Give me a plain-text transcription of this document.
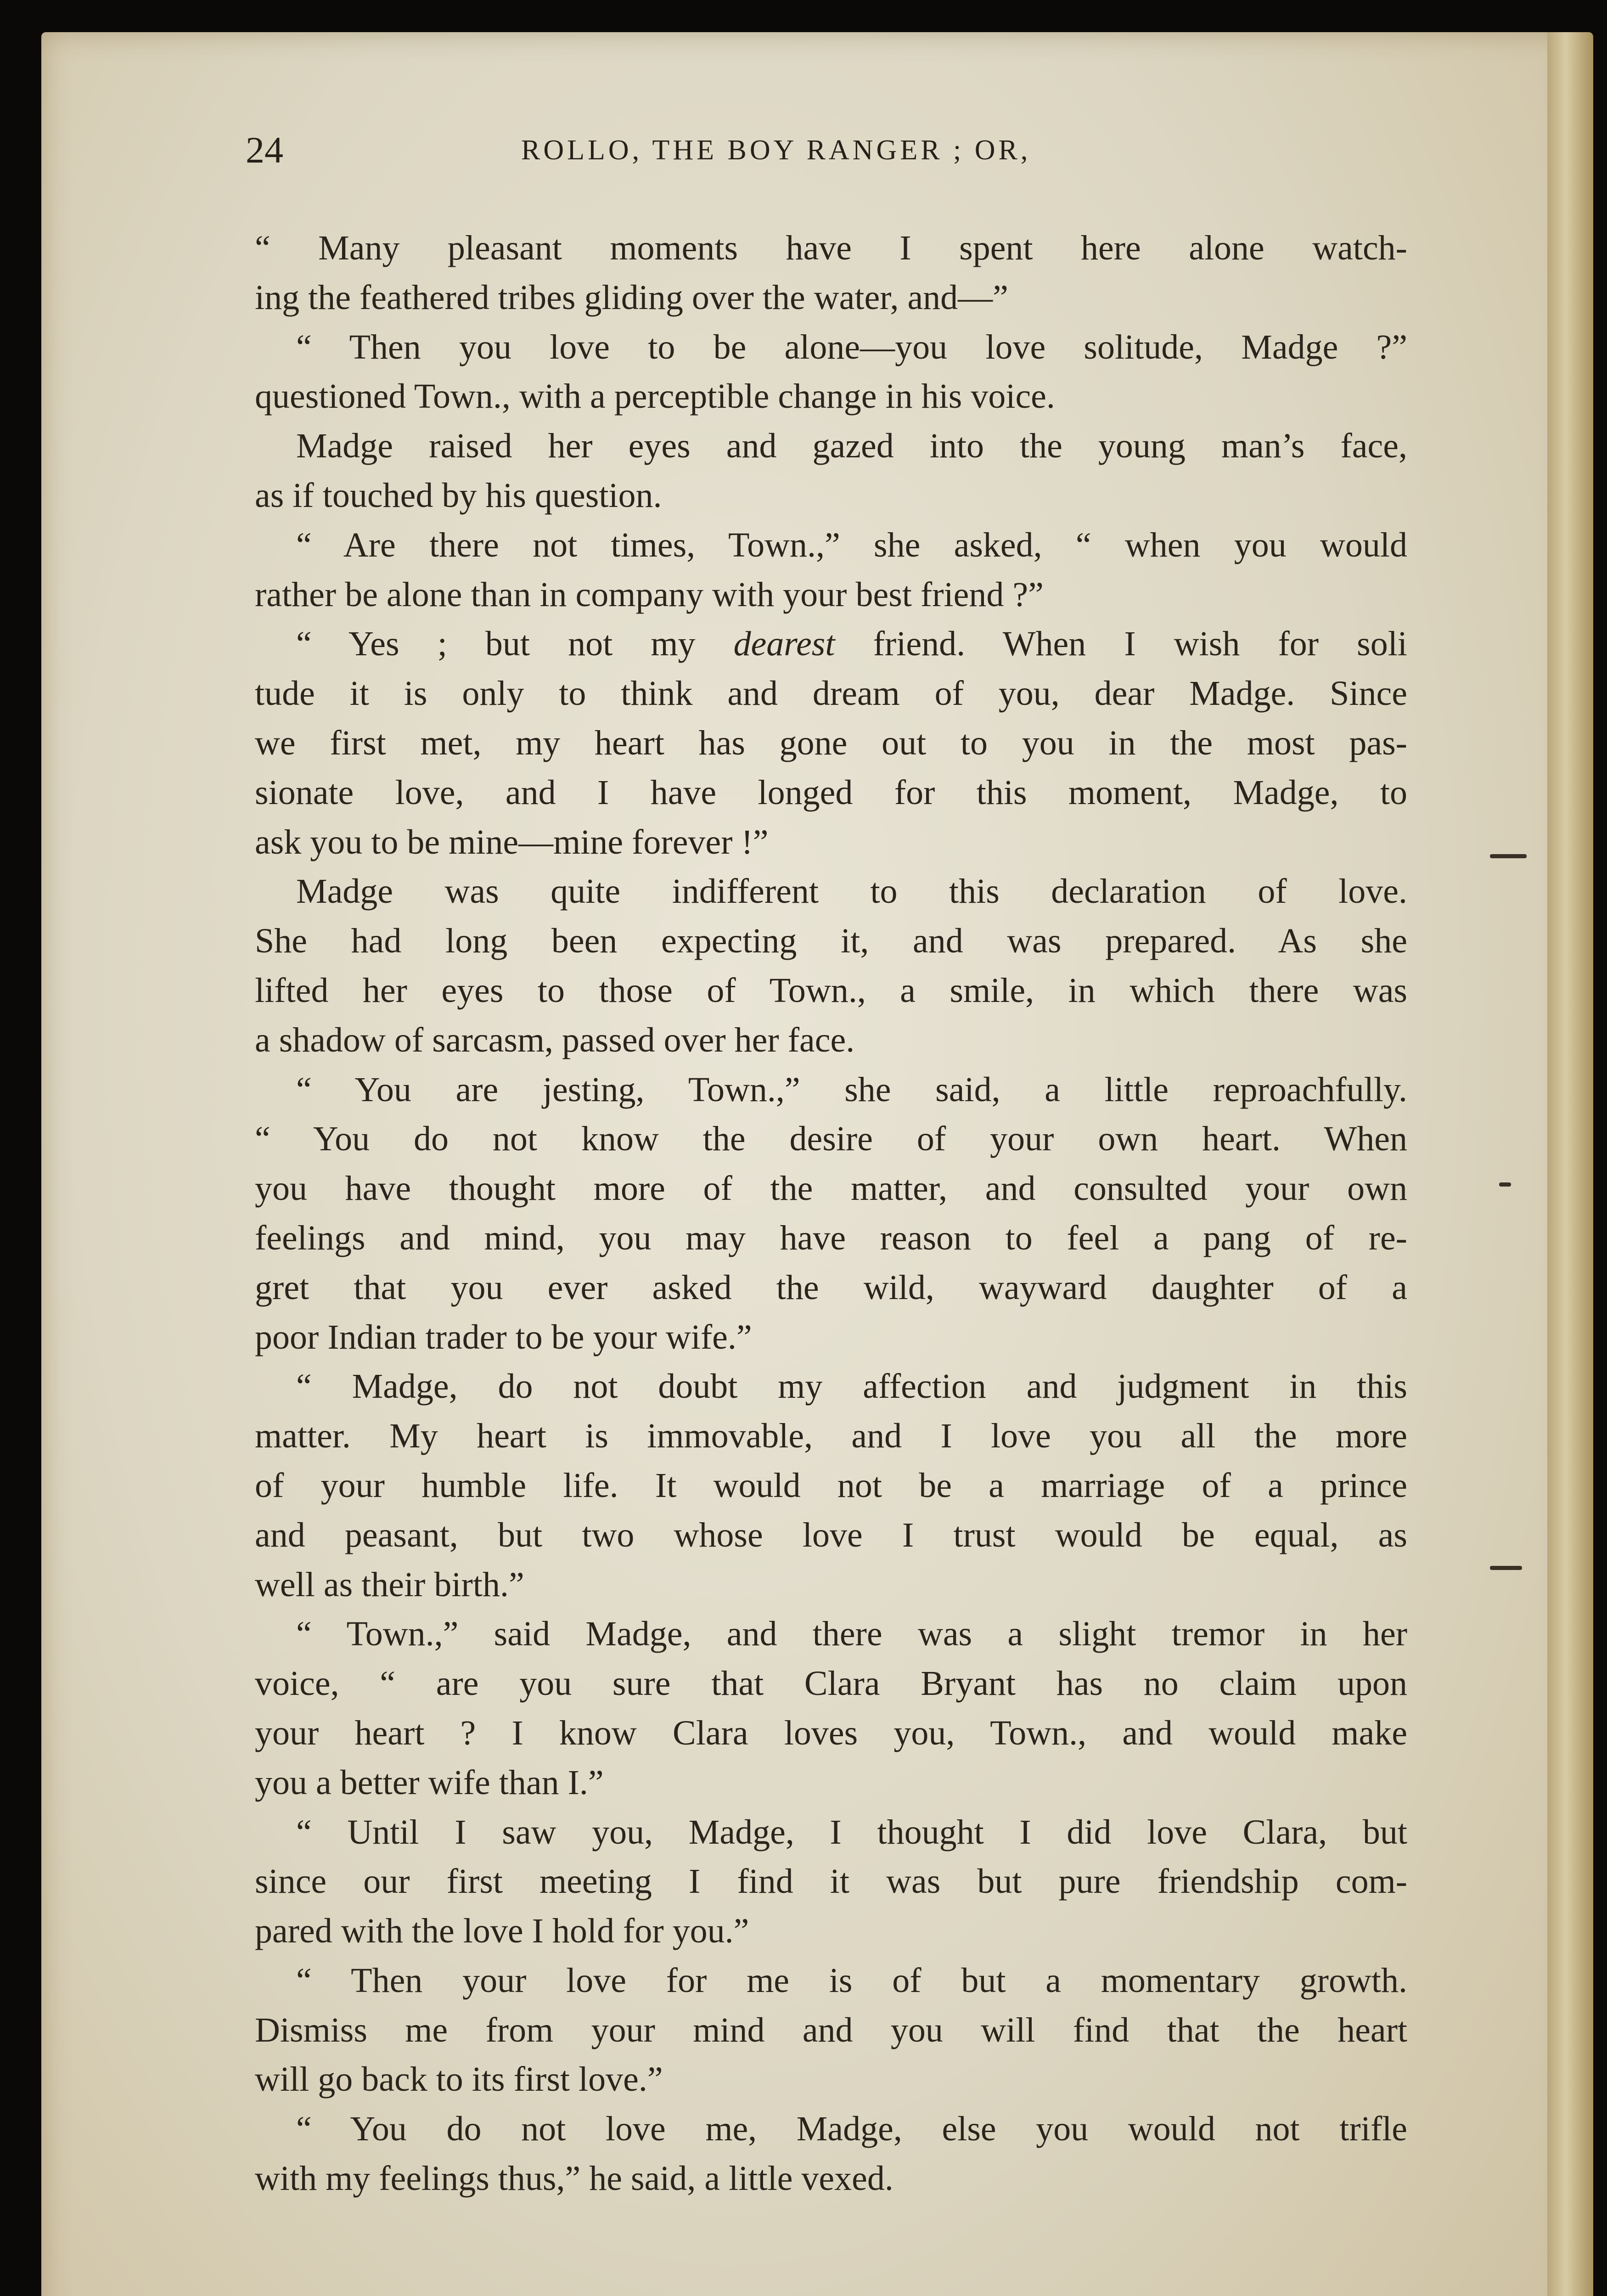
24	ROLLO, THE BOY RANGER ; OR,
“ Many pleasant moments have I spent here alone watch-
ing the feathered tribes gliding over the water, and—”
“ Then you love to be alone—you love solitude, Madge ?”
questioned Town., with a perceptible change in his voice.
Madge raised her eyes and gazed into the young man’s face,
as if touched by his question.
“ Are there not times, Town.,” she asked, “ when you would
rather be alone than in company with your best friend ?”
“ Yes ; but not my dearest friend. When I wish for soli
tude it is only to think and dream of you, dear Madge. Since
we first met, my heart has gone out to you in the most pas-
sionate love, and I have longed for this moment, Madge, to
ask you to be mine—mine forever !”
Madge was quite indifferent to this declaration of love.
She had long been expecting it, and was prepared. As she
lifted her eyes to those of Town., a smile, in which there was
a shadow of sarcasm, passed over her face.
“ You are jesting, Town.,” she said, a little reproachfully.
“ You do not know the desire of your own heart. When
you have thought more of the matter, and consulted your own
feelings and mind, you may have reason to feel a pang of re-
gret that you ever asked the wild, wayward daughter of a
poor Indian trader to be your wife.”
“ Madge, do not doubt my affection and judgment in this
matter. My heart is immovable, and I love you all the more
of your humble life. It would not be a marriage of a prince
and peasant, but two whose love I trust would be equal, as
well as their birth.”
“ Town.,” said Madge, and there was a slight tremor in her
voice, “ are you sure that Clara Bryant has no claim upon
your heart ? I know Clara loves you, Town., and would make
you a better wife than I.”
“ Until I saw you, Madge, I thought I did love Clara, but
since our first meeting I find it was but pure friendship com-
pared with the love I hold for you.”
“ Then your love for me is of but a momentary growth.
Dismiss me from your mind and you will find that the heart
will go back to its first love.”
“ You do not love me, Madge, else you would not trifle
with my feelings thus,” he said, a little vexed.
